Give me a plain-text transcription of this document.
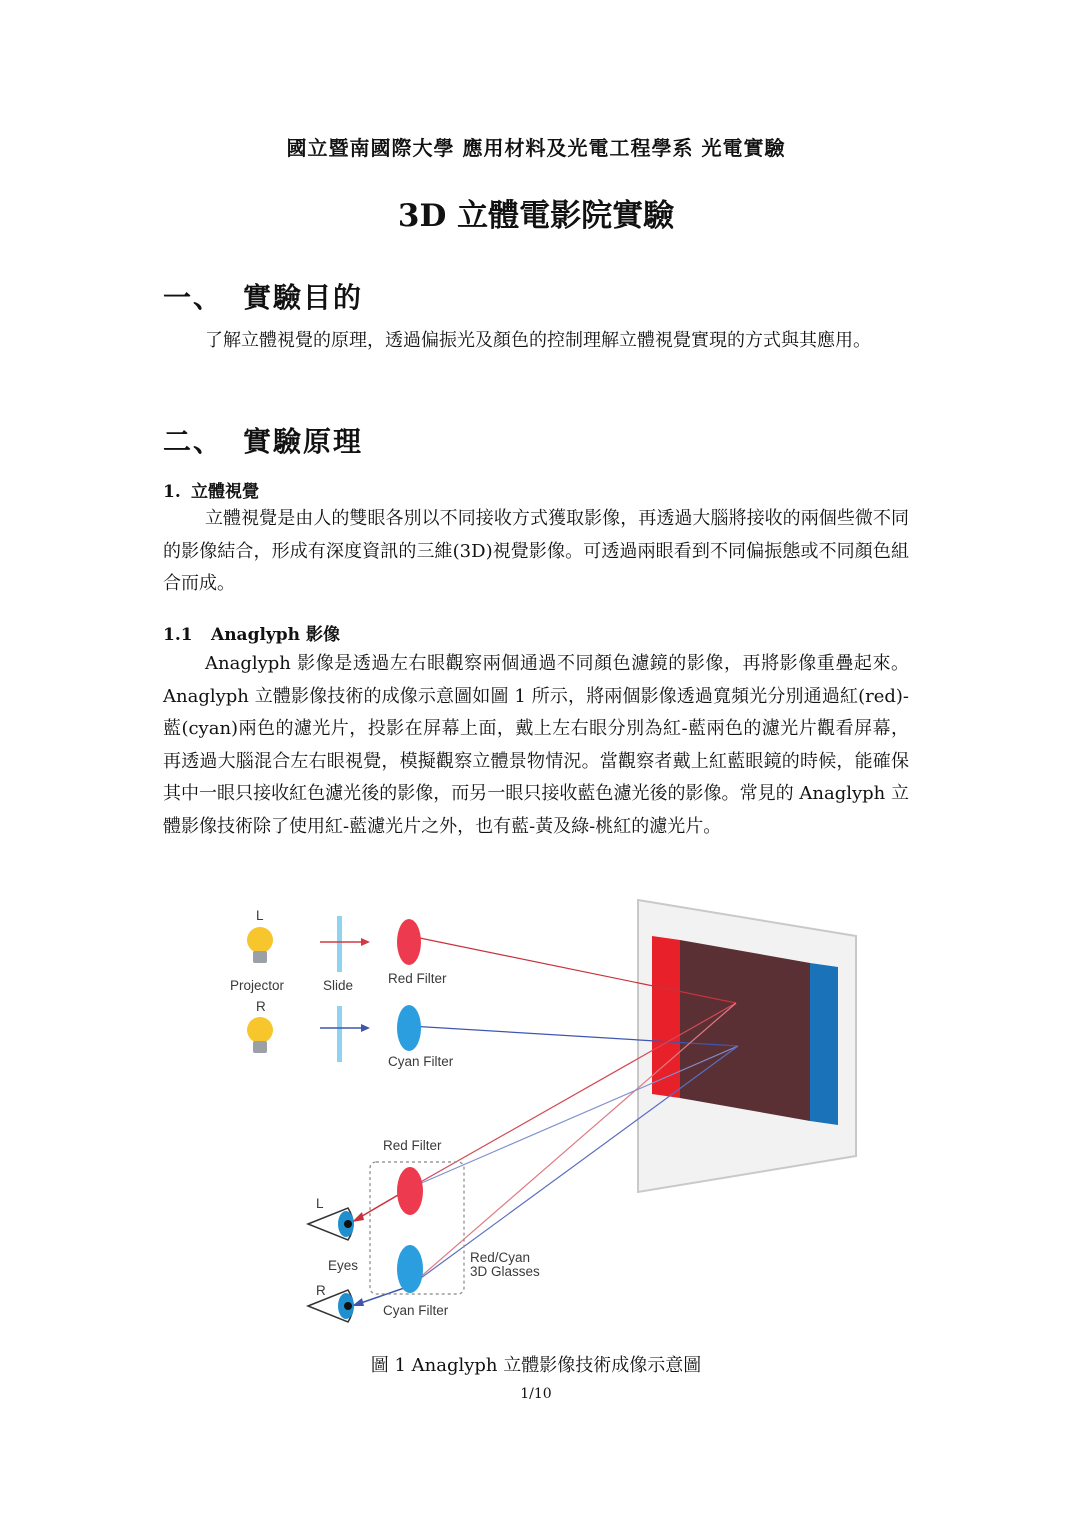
國立暨南國際大學 應用材料及光電工程學系 光電實驗
3D 立體電影院實驗
一、 實驗目的

了解立體視覺的原理，透過偏振光及顏色的控制理解立體視覺實現的方式與其應用。

二、 實驗原理
1. 立體視覺

立體視覺是由人的雙眼各別以不同接收方式獲取影像，再透過大腦將接收的兩個些微不同的影像結合，形成有深度資訊的三維(3D)視覺影像。可透過兩眼看到不同偏振態或不同顏色組合而成。

1.1 Anaglyph 影像

Anaglyph 影像是透過左右眼觀察兩個通過不同顏色濾鏡的影像，再將影像重疊起來。Anaglyph 立體影像技術的成像示意圖如圖 1 所示，將兩個影像透過寬頻光分別通過紅(red)-藍(cyan)兩色的濾光片，投影在屏幕上面，戴上左右眼分別為紅-藍兩色的濾光片觀看屏幕，再透過大腦混合左右眼視覺，模擬觀察立體景物情況。當觀察者戴上紅藍眼鏡的時候，能確保其中一眼只接收紅色濾光後的影像，而另一眼只接收藍色濾光後的影像。常見的 Anaglyph 立體影像技術除了使用紅-藍濾光片之外，也有藍-黃及綠-桃紅的濾光片。

L
Projector
R
Slide	Red Filter
Cyan Filter
Red Filter
Cyan Filter
Red/Cyan
3D Glasses
L
Eyes
R
圖 1 Anaglyph 立體影像技術成像示意圖
1/10
